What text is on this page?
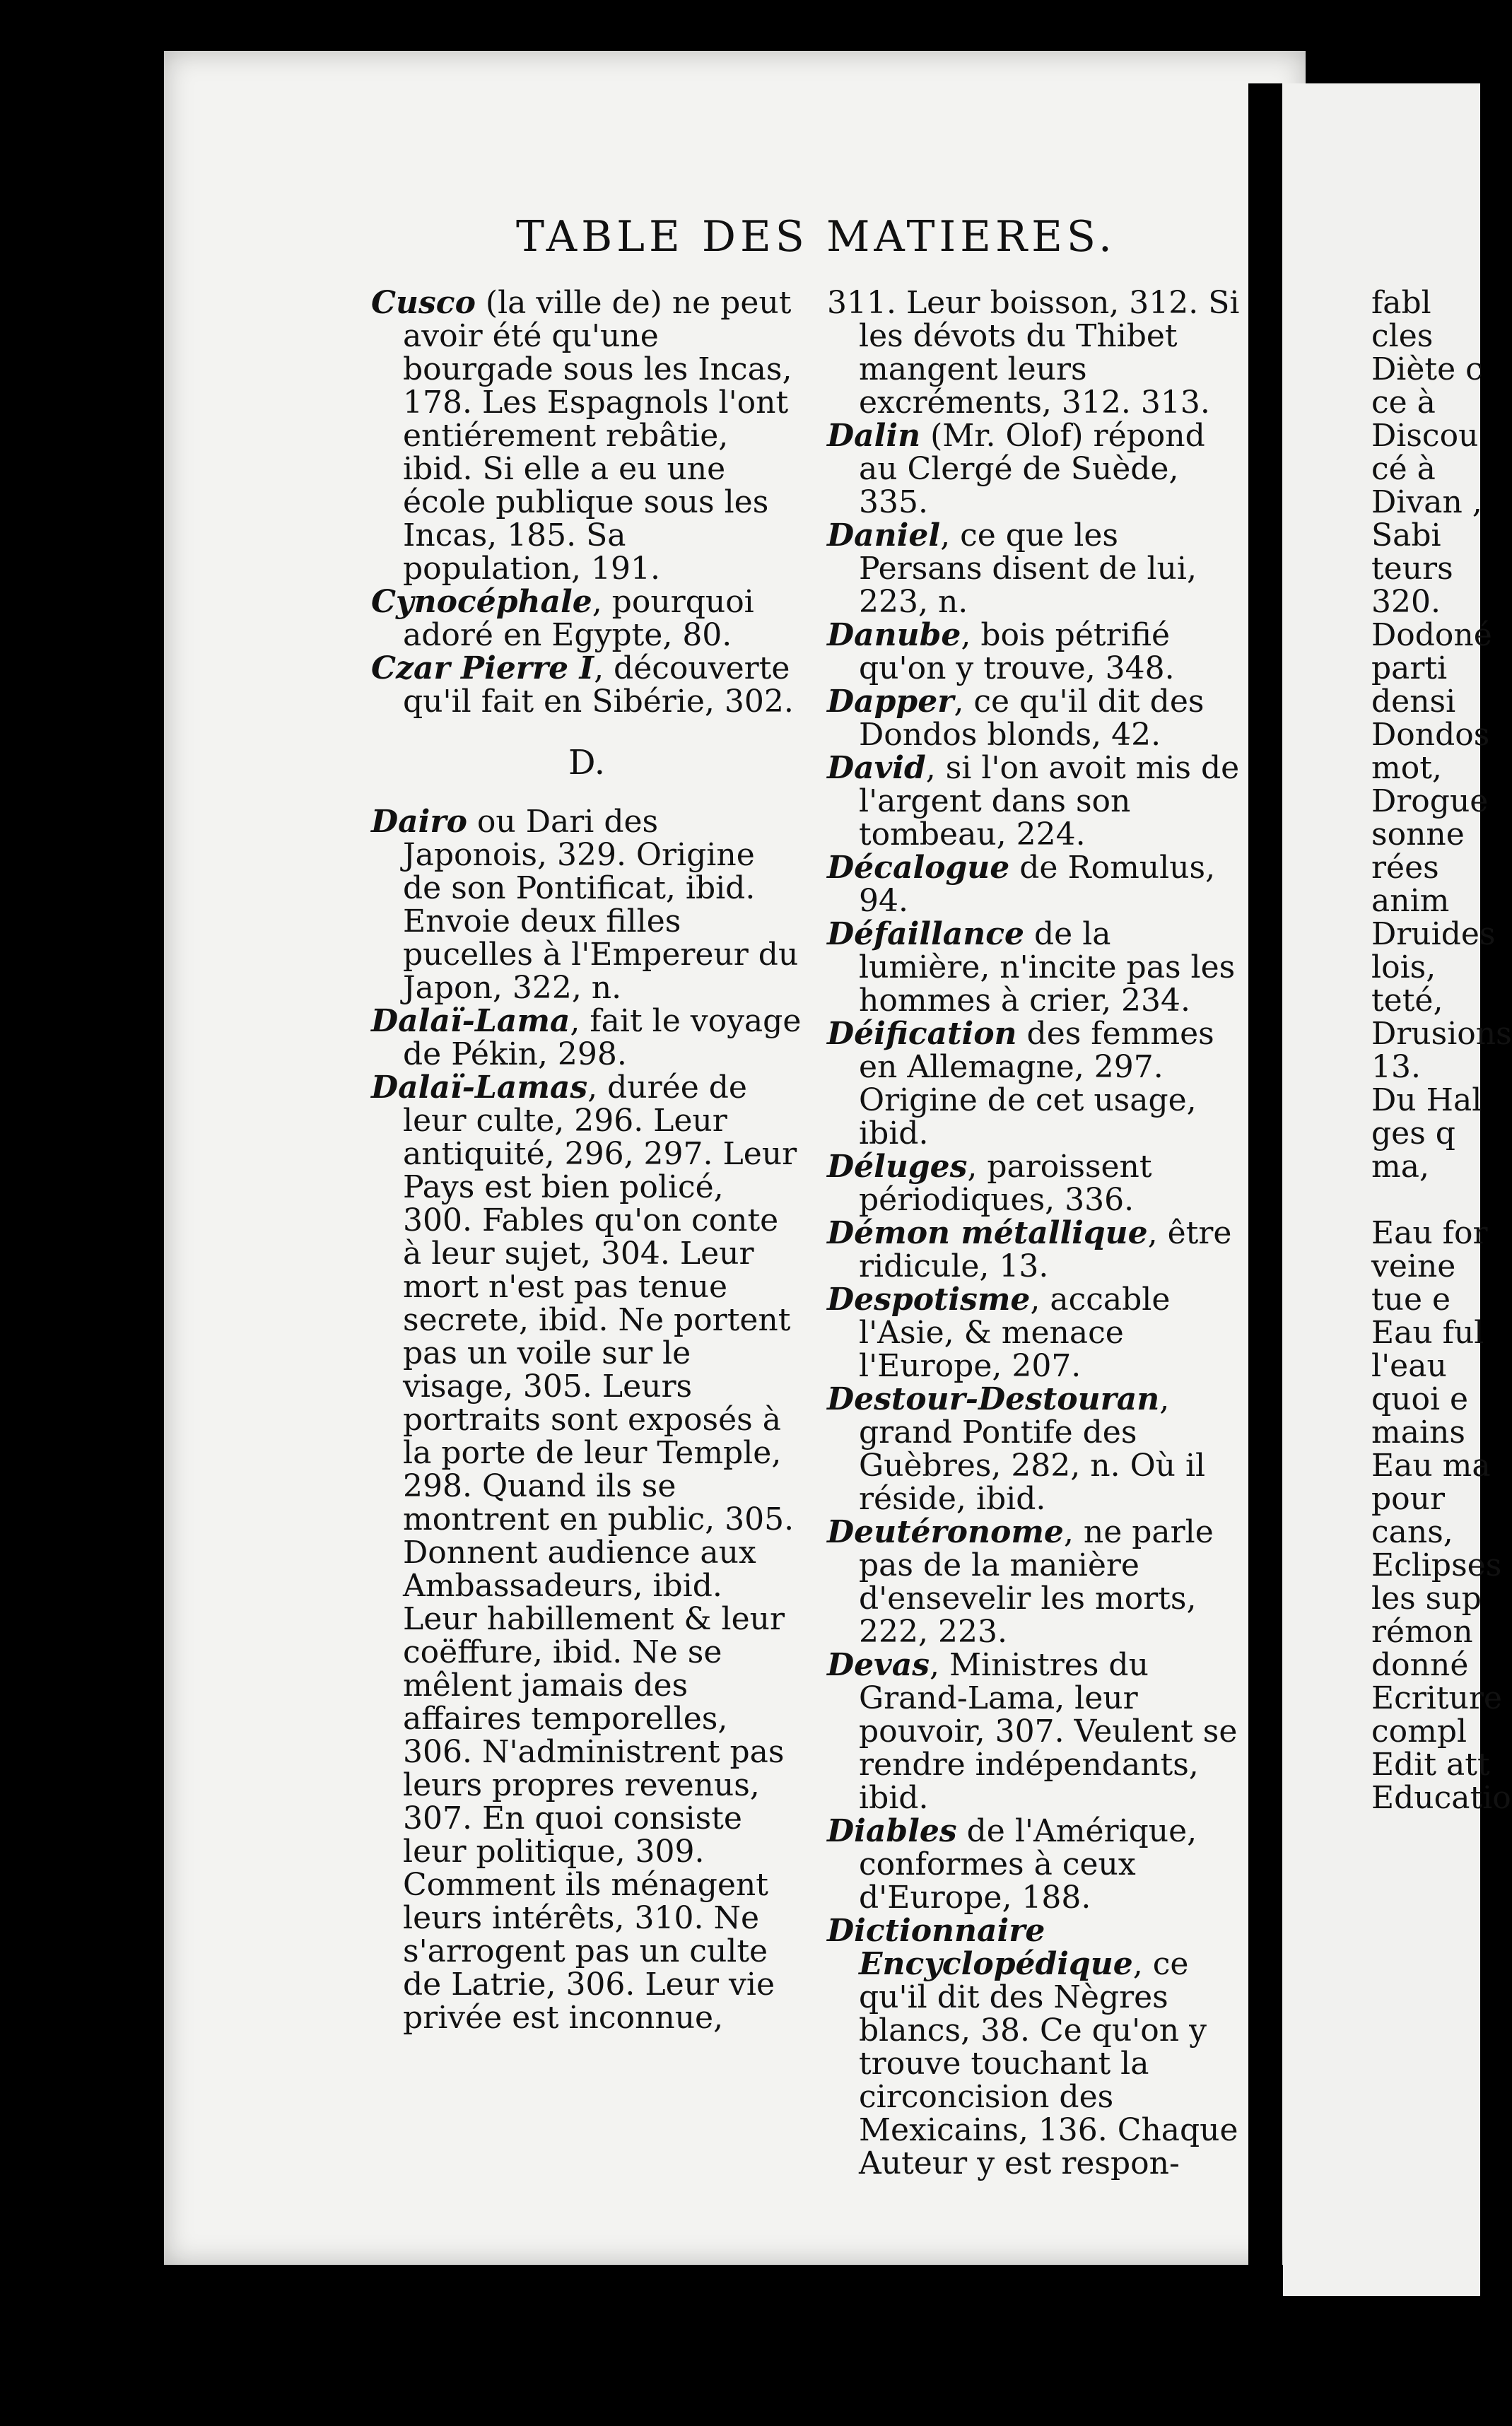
TABLE DES MATIERES.
Cusco (la ville de) ne peut avoir été qu'une bourgade sous les Incas, 178. Les Espagnols l'ont entiérement rebâtie, ibid. Si elle a eu une école publique sous les Incas, 185. Sa population, 191.
Cynocéphale, pourquoi adoré en Egypte, 80.
Czar Pierre I, découverte qu'il fait en Sibérie, 302.
D.
Dairo ou Dari des Japonois, 329. Origine de son Pontificat, ibid. Envoie deux filles pucelles à l'Empereur du Japon, 322, n.
Dalaï-Lama, fait le voyage de Pékin, 298.
Dalaï-Lamas, durée de leur culte, 296. Leur antiquité, 296, 297. Leur Pays est bien policé, 300. Fables qu'on conte à leur sujet, 304. Leur mort n'est pas tenue secrete, ibid. Ne portent pas un voile sur le visage, 305. Leurs portraits sont exposés à la porte de leur Temple, 298. Quand ils se montrent en public, 305. Donnent audience aux Ambassadeurs, ibid. Leur habillement & leur coëffure, ibid. Ne se mêlent jamais des affaires temporelles, 306. N'administrent pas leurs propres revenus, 307. En quoi consiste leur politique, 309. Comment ils ménagent leurs intérêts, 310. Ne s'arrogent pas un culte de Latrie, 306. Leur vie privée est inconnue,
311. Leur boisson, 312. Si les dévots du Thibet mangent leurs excréments, 312. 313.
Dalin (Mr. Olof) répond au Clergé de Suède, 335.
Daniel, ce que les Persans disent de lui, 223, n.
Danube, bois pétrifié qu'on y trouve, 348.
Dapper, ce qu'il dit des Dondos blonds, 42.
David, si l'on avoit mis de l'argent dans son tombeau, 224.
Décalogue de Romulus, 94.
Défaillance de la lumière, n'incite pas les hommes à crier, 234.
Déification des femmes en Allemagne, 297. Origine de cet usage, ibid.
Déluges, paroissent périodiques, 336.
Démon métallique, être ridicule, 13.
Despotisme, accable l'Asie, & menace l'Europe, 207.
Destour-Destouran, grand Pontife des Guèbres, 282, n. Où il réside, ibid.
Deutéronome, ne parle pas de la manière d'ensevelir les morts, 222, 223.
Devas, Ministres du Grand-Lama, leur pouvoir, 307. Veulent se rendre indépendants, ibid.
Diables de l'Amérique, conformes à ceux d'Europe, 188.
Dictionnaire Encyclopédique, ce qu'il dit des Nègres blancs, 38. Ce qu'on y trouve touchant la circoncision des Mexicains, 136. Chaque Auteur y est respon-
fabl
cles
Diète c
ce à
Discou
cé à
Divan ,
Sabi
teurs
320.
Dodoné
parti
densi
Dondos
mot,
Drogue
sonne
rées
anim
Druides
lois,
teté,
Drusions
13.
Du Hal
ges q
ma,

Eau for
veine
tue e
Eau ful
l'eau
quoi e
mains
Eau ma
pour
cans,
Eclipses
les sup
rémon
donné
Ecriture
compl
Edit att
Educatio
